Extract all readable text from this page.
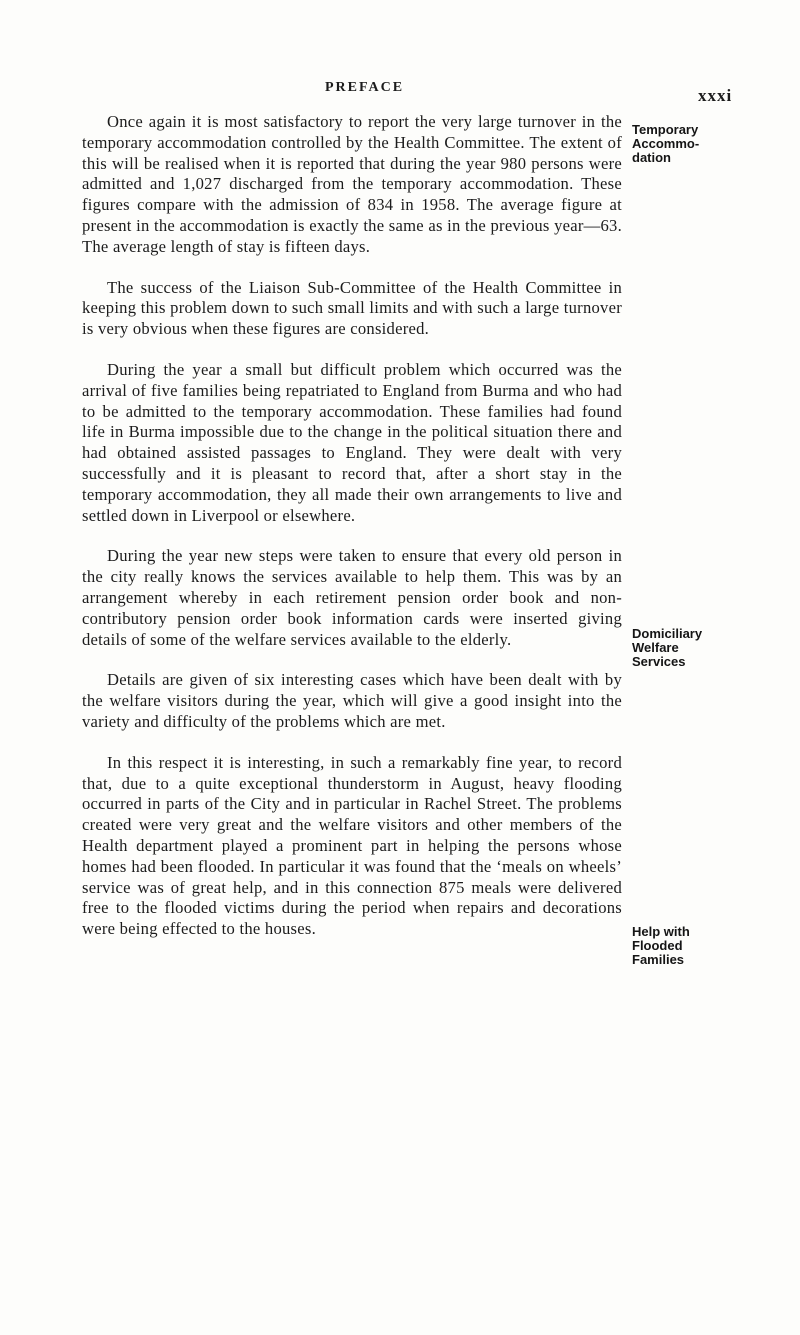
PREFACE	xxxi

Once again it is most satisfactory to report the very large turnover in the temporary accommodation controlled by the Health Committee. The extent of this will be realised when it is reported that during the year 980 persons were admitted and 1,027 discharged from the temporary accommodation. These figures compare with the admission of 834 in 1958. The average figure at present in the accommodation is exactly the same as in the previous year—63. The average length of stay is fifteen days.

The success of the Liaison Sub-Committee of the Health Committee in keeping this problem down to such small limits and with such a large turnover is very obvious when these figures are considered.

During the year a small but difficult problem which occurred was the arrival of five families being repatriated to England from Burma and who had to be admitted to the temporary accommodation. These families had found life in Burma impossible due to the change in the political situation there and had obtained assisted passages to England. They were dealt with very successfully and it is pleasant to record that, after a short stay in the temporary accommodation, they all made their own arrangements to live and settled down in Liverpool or elsewhere.

During the year new steps were taken to ensure that every old person in the city really knows the services available to help them. This was by an arrangement whereby in each retirement pension order book and non-contributory pension order book information cards were inserted giving details of some of the welfare services available to the elderly.

Details are given of six interesting cases which have been dealt with by the welfare visitors during the year, which will give a good insight into the variety and difficulty of the problems which are met.

In this respect it is interesting, in such a remarkably fine year, to record that, due to a quite exceptional thunderstorm in August, heavy flooding occurred in parts of the City and in particular in Rachel Street. The problems created were very great and the welfare visitors and other members of the Health department played a prominent part in helping the persons whose homes had been flooded. In particular it was found that the ‘meals on wheels’ service was of great help, and in this connection 875 meals were delivered free to the flooded victims during the period when repairs and decorations were being effected to the houses.

Temporary Accommo-dation

Domiciliary Welfare Services

Help with Flooded Families
